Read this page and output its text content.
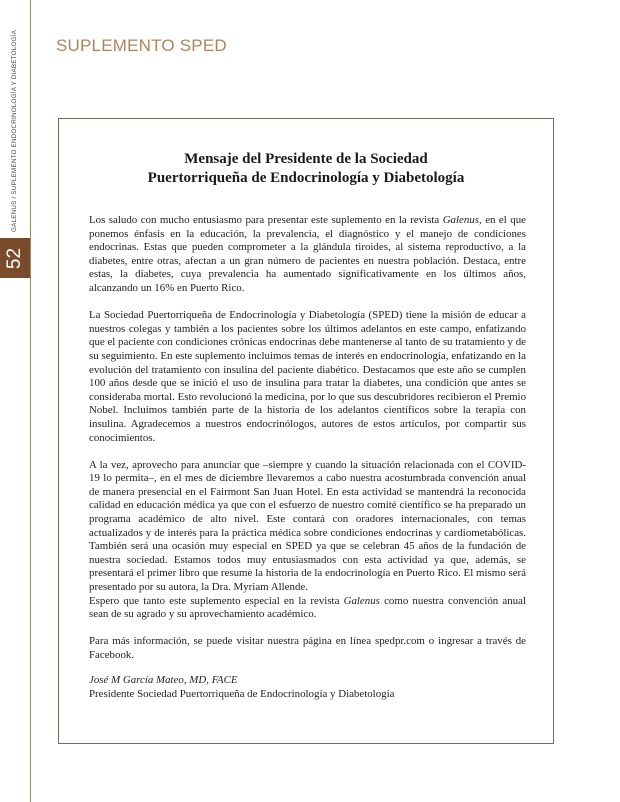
GALENUS / SUPLEMENTO ENDOCRINOLOGÍA Y DIABETOLOGÍA
52
SUPLEMENTO SPED
Mensaje del Presidente de la Sociedad
Puertorriqueña de Endocrinología y Diabetología

Los saludo con mucho entusiasmo para presentar este suplemento en la revista Galenus, en el que ponemos énfasis en la educación, la prevalencia, el diagnóstico y el manejo de condiciones endocrinas. Estas que pueden comprometer a la glándula tiroides, al sistema reproductivo, a la diabetes, entre otras, afectan a un gran número de pacientes en nuestra población. Destaca, entre estas, la diabetes, cuya prevalencia ha aumentado significativamente en los últimos años, alcanzando un 16% en Puerto Rico.

La Sociedad Puertorriqueña de Endocrinología y Diabetología (SPED) tiene la misión de educar a nuestros colegas y también a los pacientes sobre los últimos adelantos en este campo, enfatizando que el paciente con condiciones crónicas endocrinas debe mantenerse al tanto de su tratamiento y de su seguimiento. En este suplemento incluimos temas de interés en endocrinología, enfatizando en la evolución del tratamiento con insulina del paciente diabético. Destacamos que este año se cumplen 100 años desde que se inició el uso de insulina para tratar la diabetes, una condición que antes se consideraba mortal. Esto revolucionó la medicina, por lo que sus descubridores recibieron el Premio Nobel. Incluimos también parte de la historia de los adelantos científicos sobre la terapia con insulina. Agradecemos a nuestros endocrinólogos, autores de estos artículos, por compartir sus conocimientos.

A la vez, aprovecho para anunciar que –siempre y cuando la situación relacionada con el COVID-19 lo permita–, en el mes de diciembre llevaremos a cabo nuestra acostumbrada convención anual de manera presencial en el Fairmont San Juan Hotel. En esta actividad se mantendrá la reconocida calidad en educación médica ya que con el esfuerzo de nuestro comité científico se ha preparado un programa académico de alto nivel. Este contará con oradores internacionales, con temas actualizados y de interés para la práctica médica sobre condiciones endocrinas y cardiometabólicas. También será una ocasión muy especial en SPED ya que se celebran 45 años de la fundación de nuestra sociedad. Estamos todos muy entusiasmados con esta actividad ya que, además, se presentará el primer libro que resume la historia de la endocrinología en Puerto Rico. El mismo será presentado por su autora, la Dra. Myriam Allende.

Espero que tanto este suplemento especial en la revista Galenus como nuestra convención anual sean de su agrado y su aprovechamiento académico.

Para más información, se puede visitar nuestra página en línea spedpr.com o ingresar a través de Facebook.

José M García Mateo, MD, FACE
Presidente Sociedad Puertorriqueña de Endocrinología y Diabetología
